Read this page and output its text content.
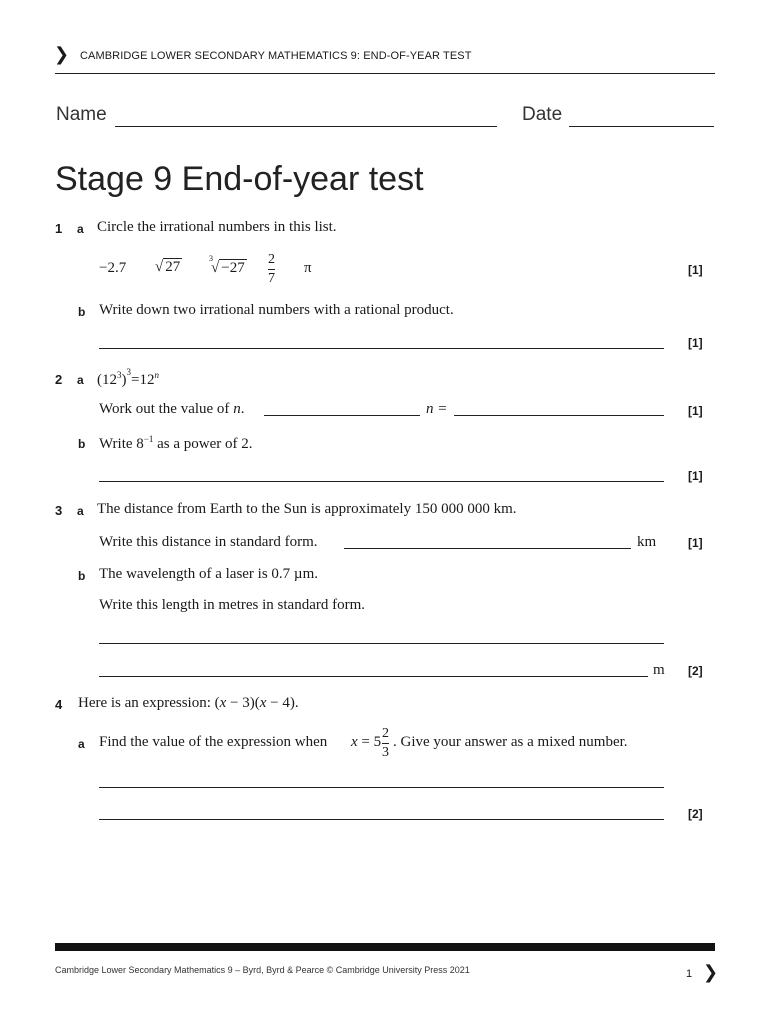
❯ CAMBRIDGE LOWER SECONDARY MATHEMATICS 9: END-OF-YEAR TEST
Name	Date
Stage 9 End-of-year test
1 a Circle the irrational numbers in this list.
−2.7 √ 27
$^3√ -27 \frac{2}{7}$ π	[1]
b Write down two irrational numbers with a rational product.
[1]
2 a $(12^3)^3=12^n$
Work out the value of n.	n =	[1]
b Write $8^{-1}$ as a power of 2.
[1]
3 a The distance from Earth to the Sun is approximately 150 000 000 km.
Write this distance in standard form.	km	[1]
b The wavelength of a laser is 0.7 µm.
Write this length in metres in standard form.
m [2]
4 Here is an expression: (x − 3)(x − 4).
a Find the value of the expression when $x = 5 \frac{2}{3}$ . Give your answer as a mixed number.
[2]
Cambridge Lower Secondary Mathematics 9 – Byrd, Byrd & Pearce © Cambridge University Press 2021	1 ❯
